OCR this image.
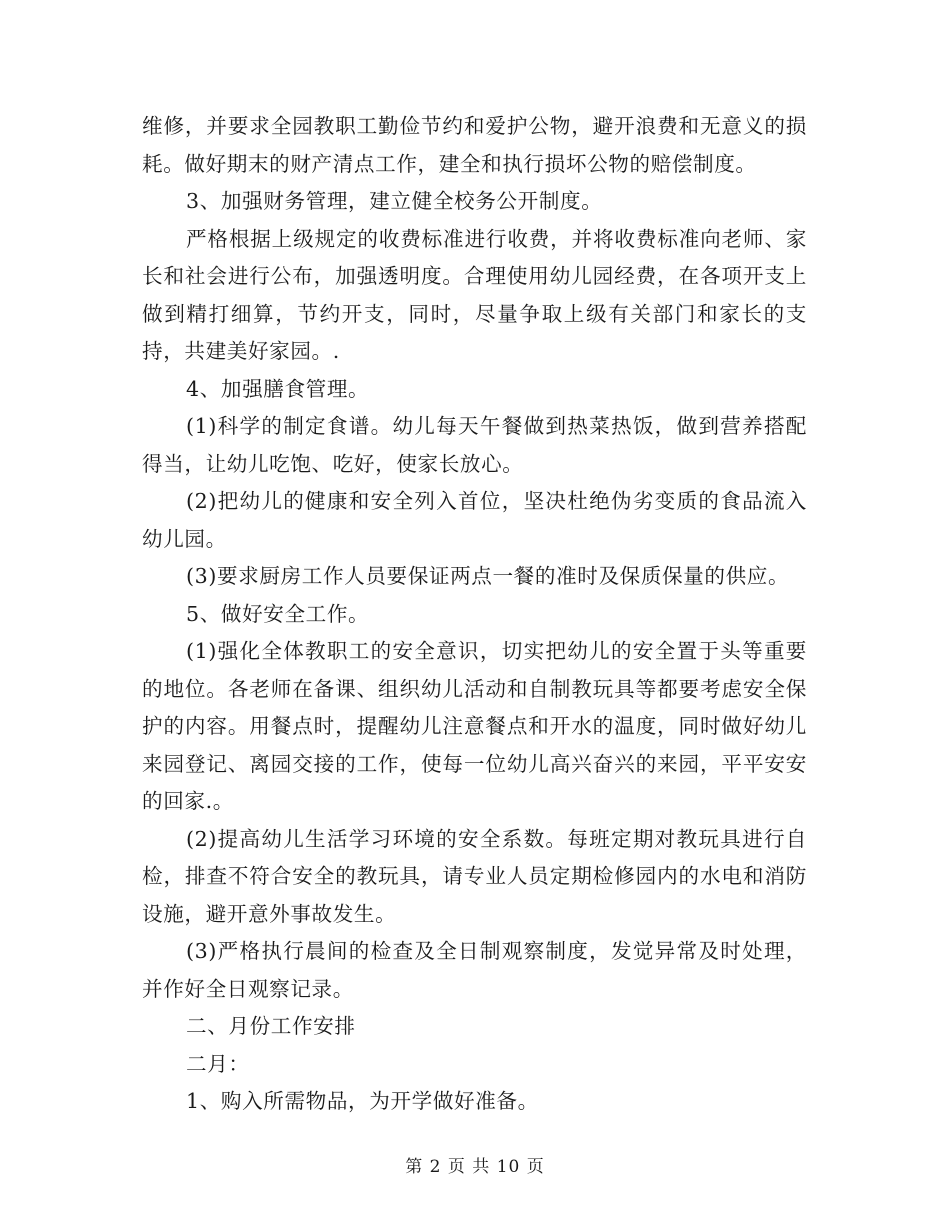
维修，并要求全园教职工勤俭节约和爱护公物，避开浪费和无意义的损耗。做好期末的财产清点工作，建全和执行损坏公物的赔偿制度。

3、加强财务管理，建立健全校务公开制度。

严格根据上级规定的收费标准进行收费，并将收费标准向老师、家长和社会进行公布，加强透明度。合理使用幼儿园经费，在各项开支上做到精打细算，节约开支，同时，尽量争取上级有关部门和家长的支持，共建美好家园。.

4、加强膳食管理。

(1)科学的制定食谱。幼儿每天午餐做到热菜热饭，做到营养搭配得当，让幼儿吃饱、吃好，使家长放心。

(2)把幼儿的健康和安全列入首位，坚决杜绝伪劣变质的食品流入幼儿园。

(3)要求厨房工作人员要保证两点一餐的准时及保质保量的供应。

5、做好安全工作。

(1)强化全体教职工的安全意识，切实把幼儿的安全置于头等重要的地位。各老师在备课、组织幼儿活动和自制教玩具等都要考虑安全保护的内容。用餐点时，提醒幼儿注意餐点和开水的温度，同时做好幼儿来园登记、离园交接的工作，使每一位幼儿高兴奋兴的来园，平平安安的回家.。

(2)提高幼儿生活学习环境的安全系数。每班定期对教玩具进行自检，排查不符合安全的教玩具，请专业人员定期检修园内的水电和消防设施，避开意外事故发生。

(3)严格执行晨间的检查及全日制观察制度，发觉异常及时处理，并作好全日观察记录。

二、月份工作安排

二月：

1、购入所需物品，为开学做好准备。

第 2 页 共 10 页
